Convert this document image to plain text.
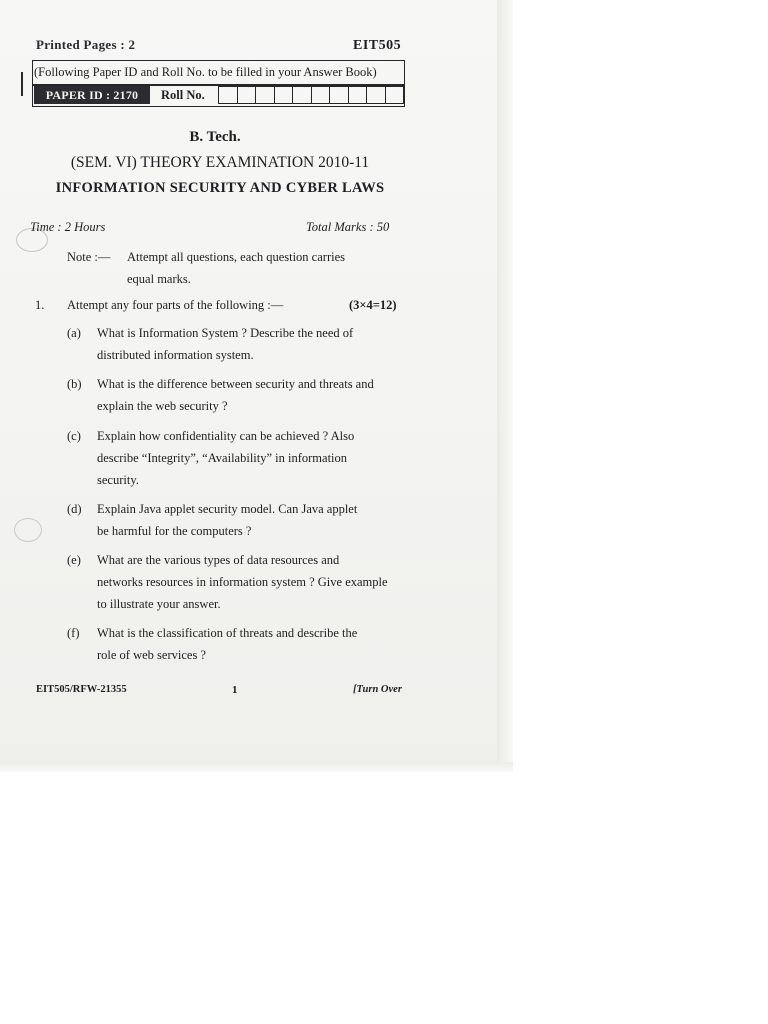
Printed Pages : 2	EIT505
(Following Paper ID and Roll No. to be filled in your Answer Book)
PAPER ID : 2170	Roll No.
B. Tech.
(SEM. VI) THEORY EXAMINATION 2010-11
INFORMATION SECURITY AND CYBER LAWS
Time : 2 Hours	Total Marks : 50
Note :— Attempt all questions, each question carries
equal marks.
1. Attempt any four parts of the following :—	(3×4=12)
(a) What is Information System ? Describe the need of
distributed information system.
(b) What is the difference between security and threats and
explain the web security ?
(c) Explain how confidentiality can be achieved ? Also
describe “Integrity”, “Availability” in information
security.
(d) Explain Java applet security model. Can Java applet
be harmful for the computers ?
(e) What are the various types of data resources and
networks resources in information system ? Give example
to illustrate your answer.
(f) What is the classification of threats and describe the
role of web services ?
EIT505/RFW-21355	1	[Turn Over
